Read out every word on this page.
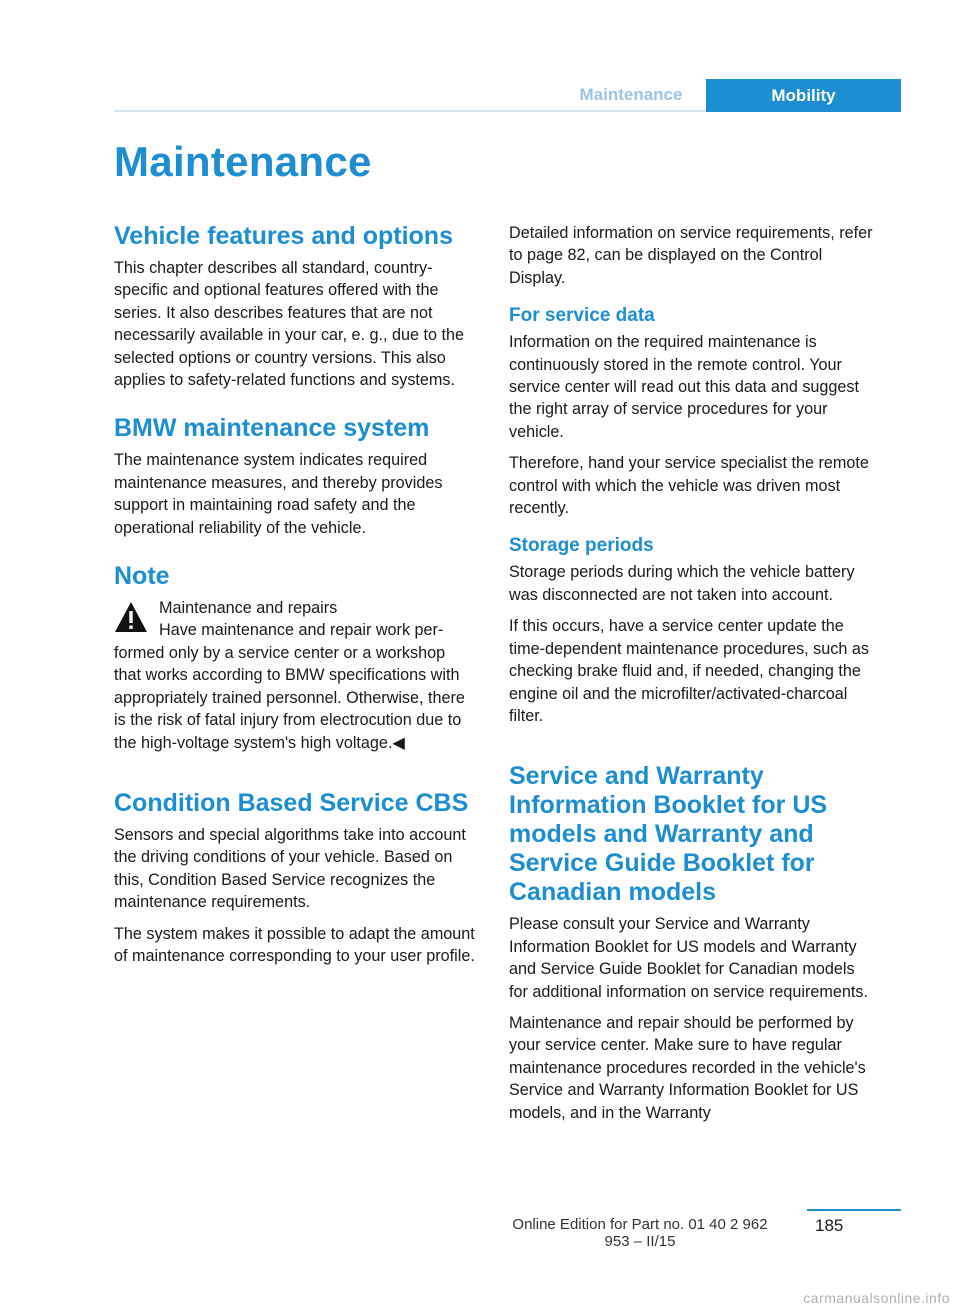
Maintenance	Mobility
Maintenance
Vehicle features and options

This chapter describes all standard, country-specific and optional features offered with the series. It also describes features that are not necessarily available in your car, e. g., due to the selected options or country versions. This also applies to safety-related functions and systems.

BMW maintenance system

The maintenance system indicates required maintenance measures, and thereby provides support in maintaining road safety and the operational reliability of the vehicle.

Note
Maintenance and repairs
Have maintenance and repair work per-

formed only by a service center or a workshop that works according to BMW specifications with appropriately trained personnel. Otherwise, there is the risk of fatal injury from electrocution due to the high-voltage system's high voltage.◀

Condition Based Service CBS

Sensors and special algorithms take into account the driving conditions of your vehicle. Based on this, Condition Based Service recognizes the maintenance requirements.

The system makes it possible to adapt the amount of maintenance corresponding to your user profile.

Detailed information on service requirements, refer to page 82, can be displayed on the Control Display.

For service data

Information on the required maintenance is continuously stored in the remote control. Your service center will read out this data and suggest the right array of service procedures for your vehicle.

Therefore, hand your service specialist the remote control with which the vehicle was driven most recently.

Storage periods

Storage periods during which the vehicle battery was disconnected are not taken into account.

If this occurs, have a service center update the time-dependent maintenance procedures, such as checking brake fluid and, if needed, changing the engine oil and the microfilter/activated-charcoal filter.

Service and Warranty Information Booklet for US models and Warranty and Service Guide Booklet for Canadian models

Please consult your Service and Warranty Information Booklet for US models and Warranty and Service Guide Booklet for Canadian models for additional information on service requirements.

Maintenance and repair should be performed by your service center. Make sure to have regular maintenance procedures recorded in the vehicle's Service and Warranty Information Booklet for US models, and in the Warranty

Online Edition for Part no. 01 40 2 962 953 – II/15
185
carmanualsonline.info
